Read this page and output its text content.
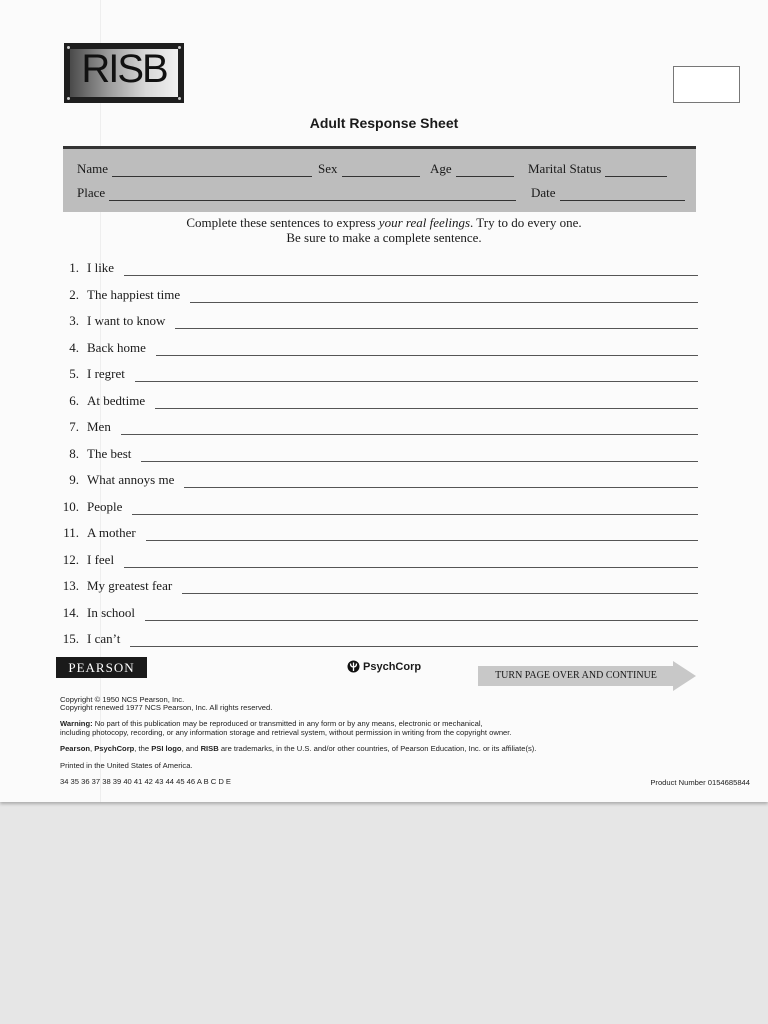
RISB
Adult Response Sheet
Name	Sex	Age	Marital Status
Place	Date
Complete these sentences to express your real feelings. Try to do every one.
Be sure to make a complete sentence.
1. I like
2. The happiest time
3. I want to know
4. Back home
5. I regret
6. At bedtime
7. Men
8. The best
9. What annoys me
10. People
11. A mother
12. I feel
13. My greatest fear
14. In school
15. I can’t
PEARSON	PsychCorp
TURN PAGE OVER AND CONTINUE
Copyright © 1950 NCS Pearson, Inc.
Copyright renewed 1977 NCS Pearson, Inc. All rights reserved.
Warning: No part of this publication may be reproduced or transmitted in any form or by any means, electronic or mechanical,
including photocopy, recording, or any information storage and retrieval system, without permission in writing from the copyright owner.
Pearson, PsychCorp, the PSI logo, and RISB are trademarks, in the U.S. and/or other countries, of Pearson Education, Inc. or its affiliate(s).
Printed in the United States of America.
34 35 36 37 38 39 40 41 42 43 44 45 46 A B C D E	Product Number 0154685844
